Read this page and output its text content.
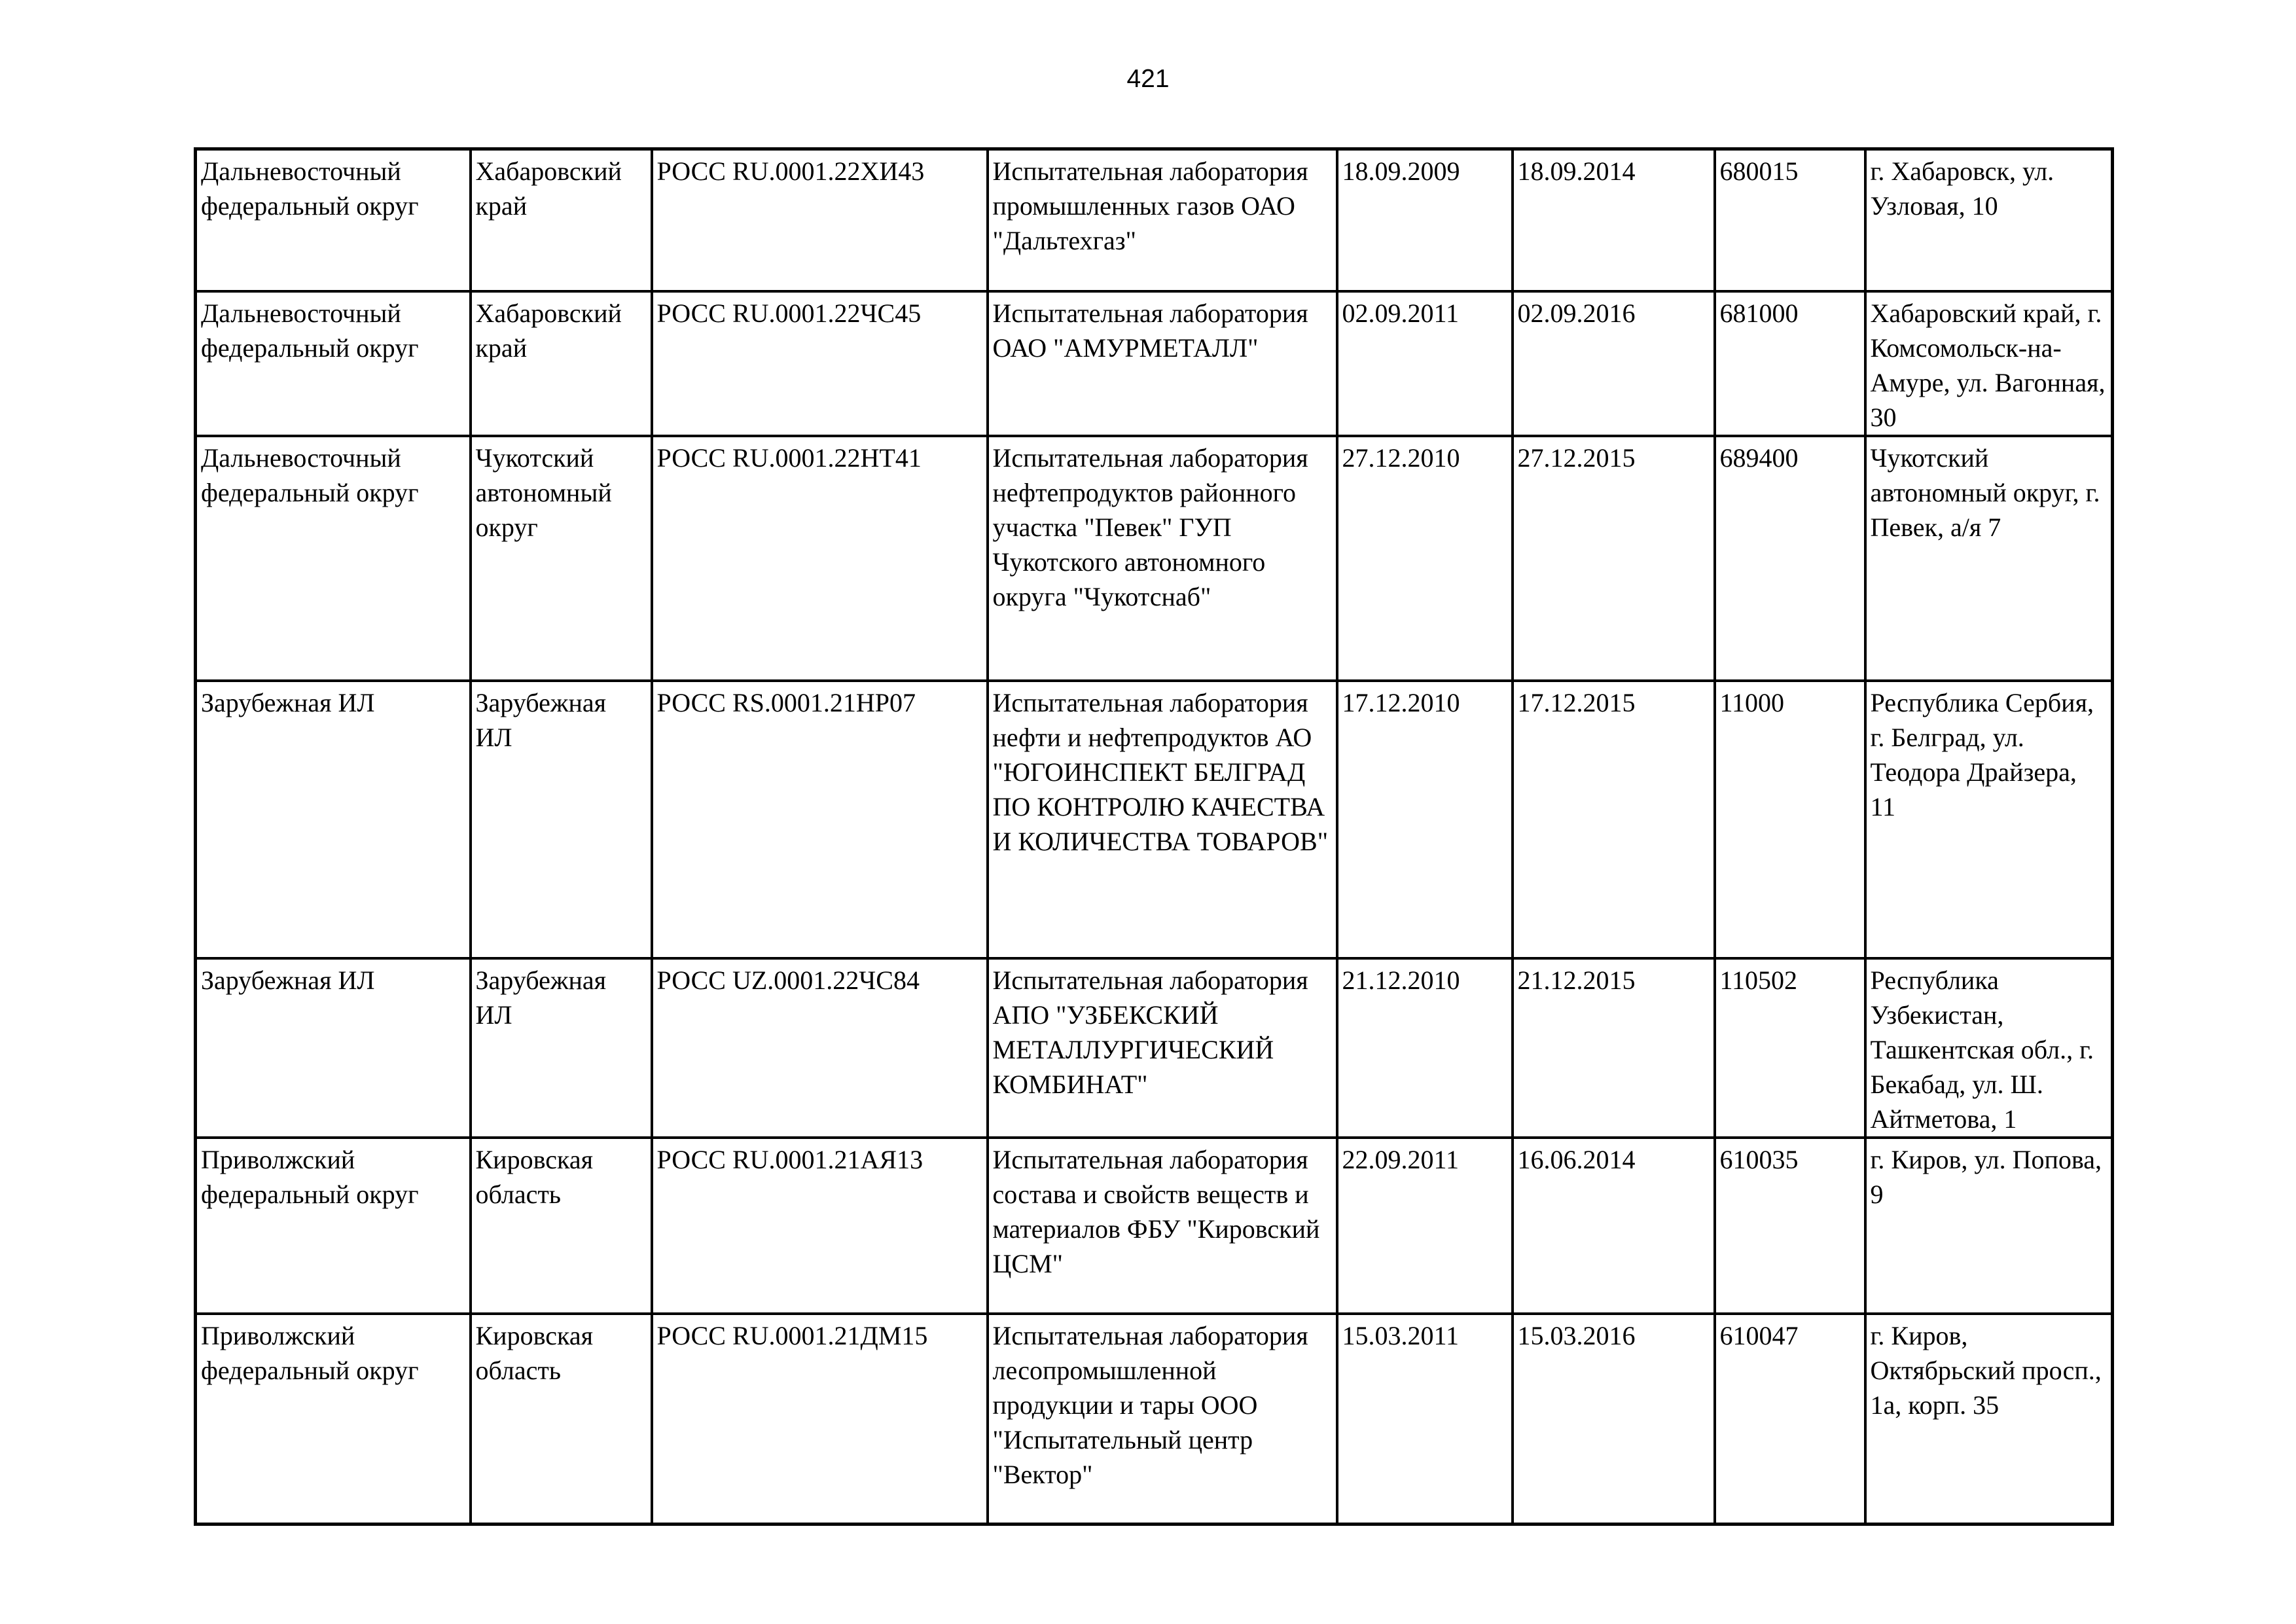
421
Дальневосточный федеральный округ	Хабаровский край	РОСС RU.0001.22ХИ43	Испытательная лаборатория промышленных газов ОАО "Дальтехгаз"	18.09.2009	18.09.2014	680015	г. Хабаровск, ул. Узловая, 10

Дальневосточный федеральный округ	Хабаровский край	РОСС RU.0001.22ЧС45	Испытательная лаборатория ОАО "АМУРМЕТАЛЛ"	02.09.2011	02.09.2016	681000	Хабаровский край, г. Комсомольск-на-Амуре, ул. Вагонная, 30

Дальневосточный федеральный округ	Чукотский автономный округ	РОСС RU.0001.22НТ41	Испытательная лаборатория нефтепродуктов районного участка "Певек" ГУП Чукотского автономного округа "Чукотснаб"	27.12.2010	27.12.2015	689400	Чукотский автономный округ, г. Певек, а/я 7

Зарубежная ИЛ	Зарубежная ИЛ	РОСС RS.0001.21НР07	Испытательная лаборатория нефти и нефтепродуктов АО "ЮГОИНСПЕКТ БЕЛГРАД ПО КОНТРОЛЮ КАЧЕСТВА И КОЛИЧЕСТВА ТОВАРОВ"	17.12.2010	17.12.2015	11000	Республика Сербия, г. Белград, ул. Теодора Драйзера, 11

Зарубежная ИЛ	Зарубежная ИЛ	РОСС UZ.0001.22ЧС84	Испытательная лаборатория АПО "УЗБЕКСКИЙ МЕТАЛЛУРГИЧЕСКИЙ КОМБИНАТ"	21.12.2010	21.12.2015	110502	Республика Узбекистан, Ташкентская обл., г. Бекабад, ул. Ш. Айтметова, 1

Приволжский федеральный округ	Кировская область	РОСС RU.0001.21АЯ13	Испытательная лаборатория состава и свойств веществ и материалов ФБУ "Кировский ЦСМ"	22.09.2011	16.06.2014	610035	г. Киров, ул. Попова, 9

Приволжский федеральный округ	Кировская область	РОСС RU.0001.21ДМ15	Испытательная лаборатория лесопромышленной продукции и тары ООО "Испытательный центр "Вектор"	15.03.2011	15.03.2016	610047	г. Киров, Октябрьский просп., 1а, корп. 35
